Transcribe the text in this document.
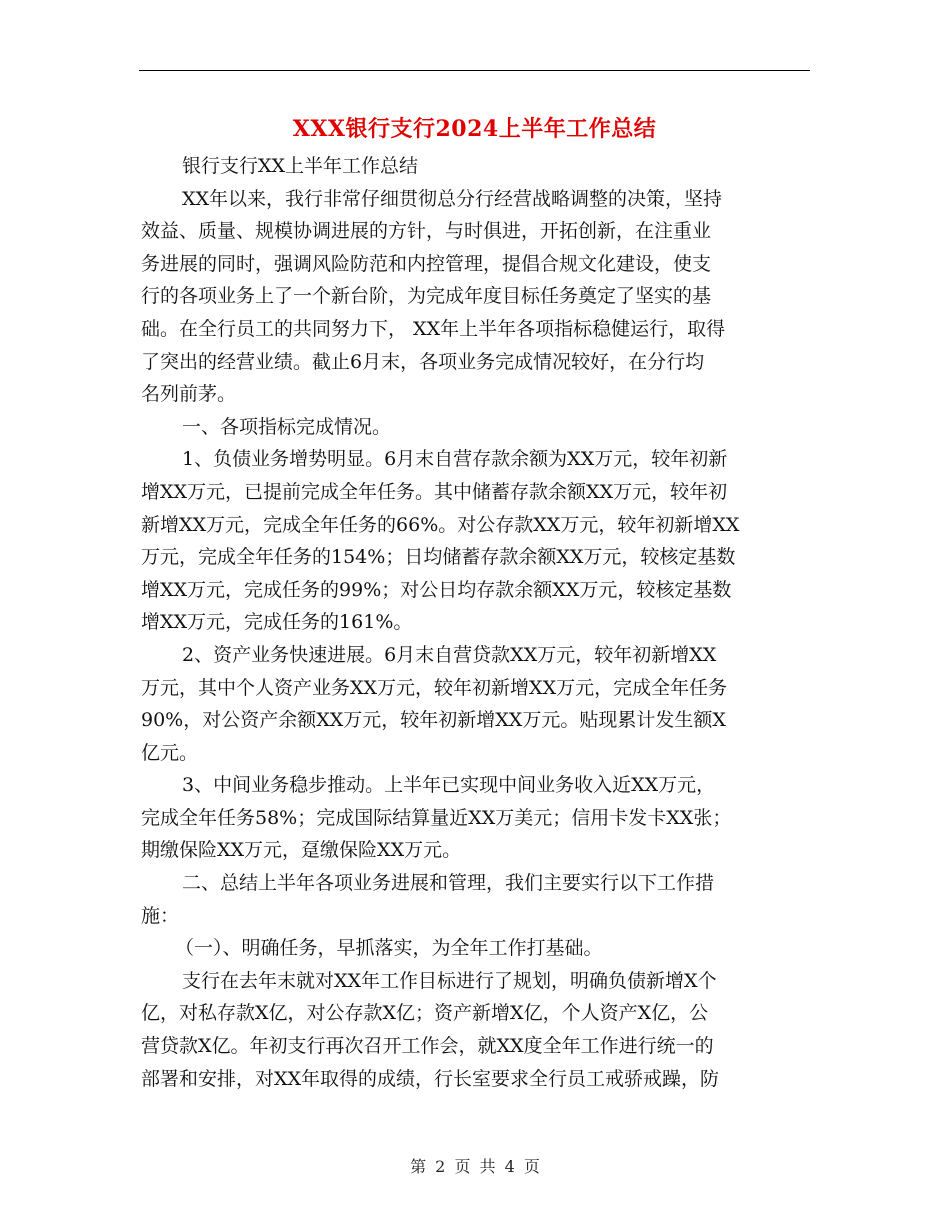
XXX银行支行2024上半年工作总结
银行支行XX上半年工作总结
XX年以来，我行非常仔细贯彻总分行经营战略调整的决策，坚持
效益、质量、规模协调进展的方针，与时俱进，开拓创新，在注重业
务进展的同时，强调风险防范和内控管理，提倡合规文化建设，使支
行的各项业务上了一个新台阶，为完成年度目标任务奠定了坚实的基
础。在全行员工的共同努力下， XX年上半年各项指标稳健运行，取得
了突出的经营业绩。截止6月末，各项业务完成情况较好，在分行均
名列前茅。
一、各项指标完成情况。
1、负债业务增势明显。6月末自营存款余额为XX万元，较年初新
增XX万元，已提前完成全年任务。其中储蓄存款余额XX万元，较年初
新增XX万元，完成全年任务的66%。对公存款XX万元，较年初新增XX
万元，完成全年任务的154%；日均储蓄存款余额XX万元，较核定基数
增XX万元，完成任务的99%；对公日均存款余额XX万元，较核定基数
增XX万元，完成任务的161%。
2、资产业务快速进展。6月末自营贷款XX万元，较年初新增XX
万元，其中个人资产业务XX万元，较年初新增XX万元，完成全年任务
90%，对公资产余额XX万元，较年初新增XX万元。贴现累计发生额X
亿元。
3、中间业务稳步推动。上半年已实现中间业务收入近XX万元，
完成全年任务58%；完成国际结算量近XX万美元；信用卡发卡XX张；
期缴保险XX万元，趸缴保险XX万元。
二、总结上半年各项业务进展和管理，我们主要实行以下工作措
施：
（一）、明确任务，早抓落实，为全年工作打基础。
支行在去年末就对XX年工作目标进行了规划，明确负债新增X个
亿，对私存款X亿，对公存款X亿；资产新增X亿，个人资产X亿，公
营贷款X亿。年初支行再次召开工作会，就XX度全年工作进行统一的
部署和安排，对XX年取得的成绩，行长室要求全行员工戒骄戒躁，防
第 2 页 共 4 页
